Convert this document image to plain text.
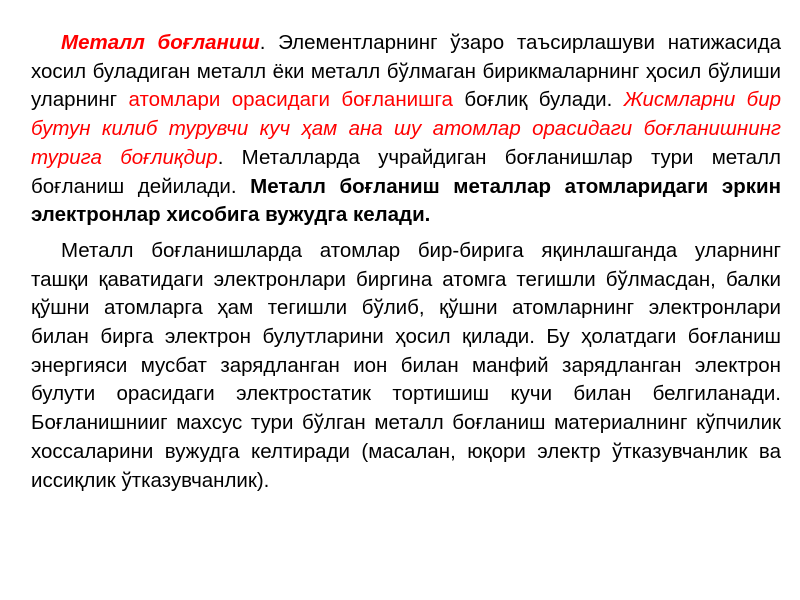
Металл боғланиш. Элементларнинг ўзаро таъсирлашуви натижасида хосил буладиган металл ёки металл бўлмаган бирикмаларнинг ҳосил бўлиши уларнинг атомлари орасидаги боғланишга боғлиқ булади. Жисмларни бир бутун килиб турувчи куч ҳам ана шу атомлар орасидаги боғланишнинг турига боғлиқдир. Металларда учрайдиган боғланишлар тури металл боғланиш дейилади. Металл боғланиш металлар атомларидаги эркин электронлар хисобига вужудга келади.

Металл боғланишларда атомлар бир-бирига яқинлашганда уларнинг ташқи қаватидаги электронлари биргина атомга тегишли бўлмасдан, балки қўшни атомларга ҳам тегишли бўлиб, қўшни атомларнинг электронлари билан бирга электрон булутларини ҳосил қилади. Бу ҳолатдаги боғланиш энергияси мусбат зарядланган ион билан манфий зарядланган электрон булути орасидаги электростатик тортишиш кучи билан белгиланади. Боғланишнииг махсус тури бўлган металл боғланиш материалнинг кўпчилик хоссаларини вужудга келтиради (масалан, юқори электр ўтказувчанлик ва иссиқлик ўтказувчанлик).
